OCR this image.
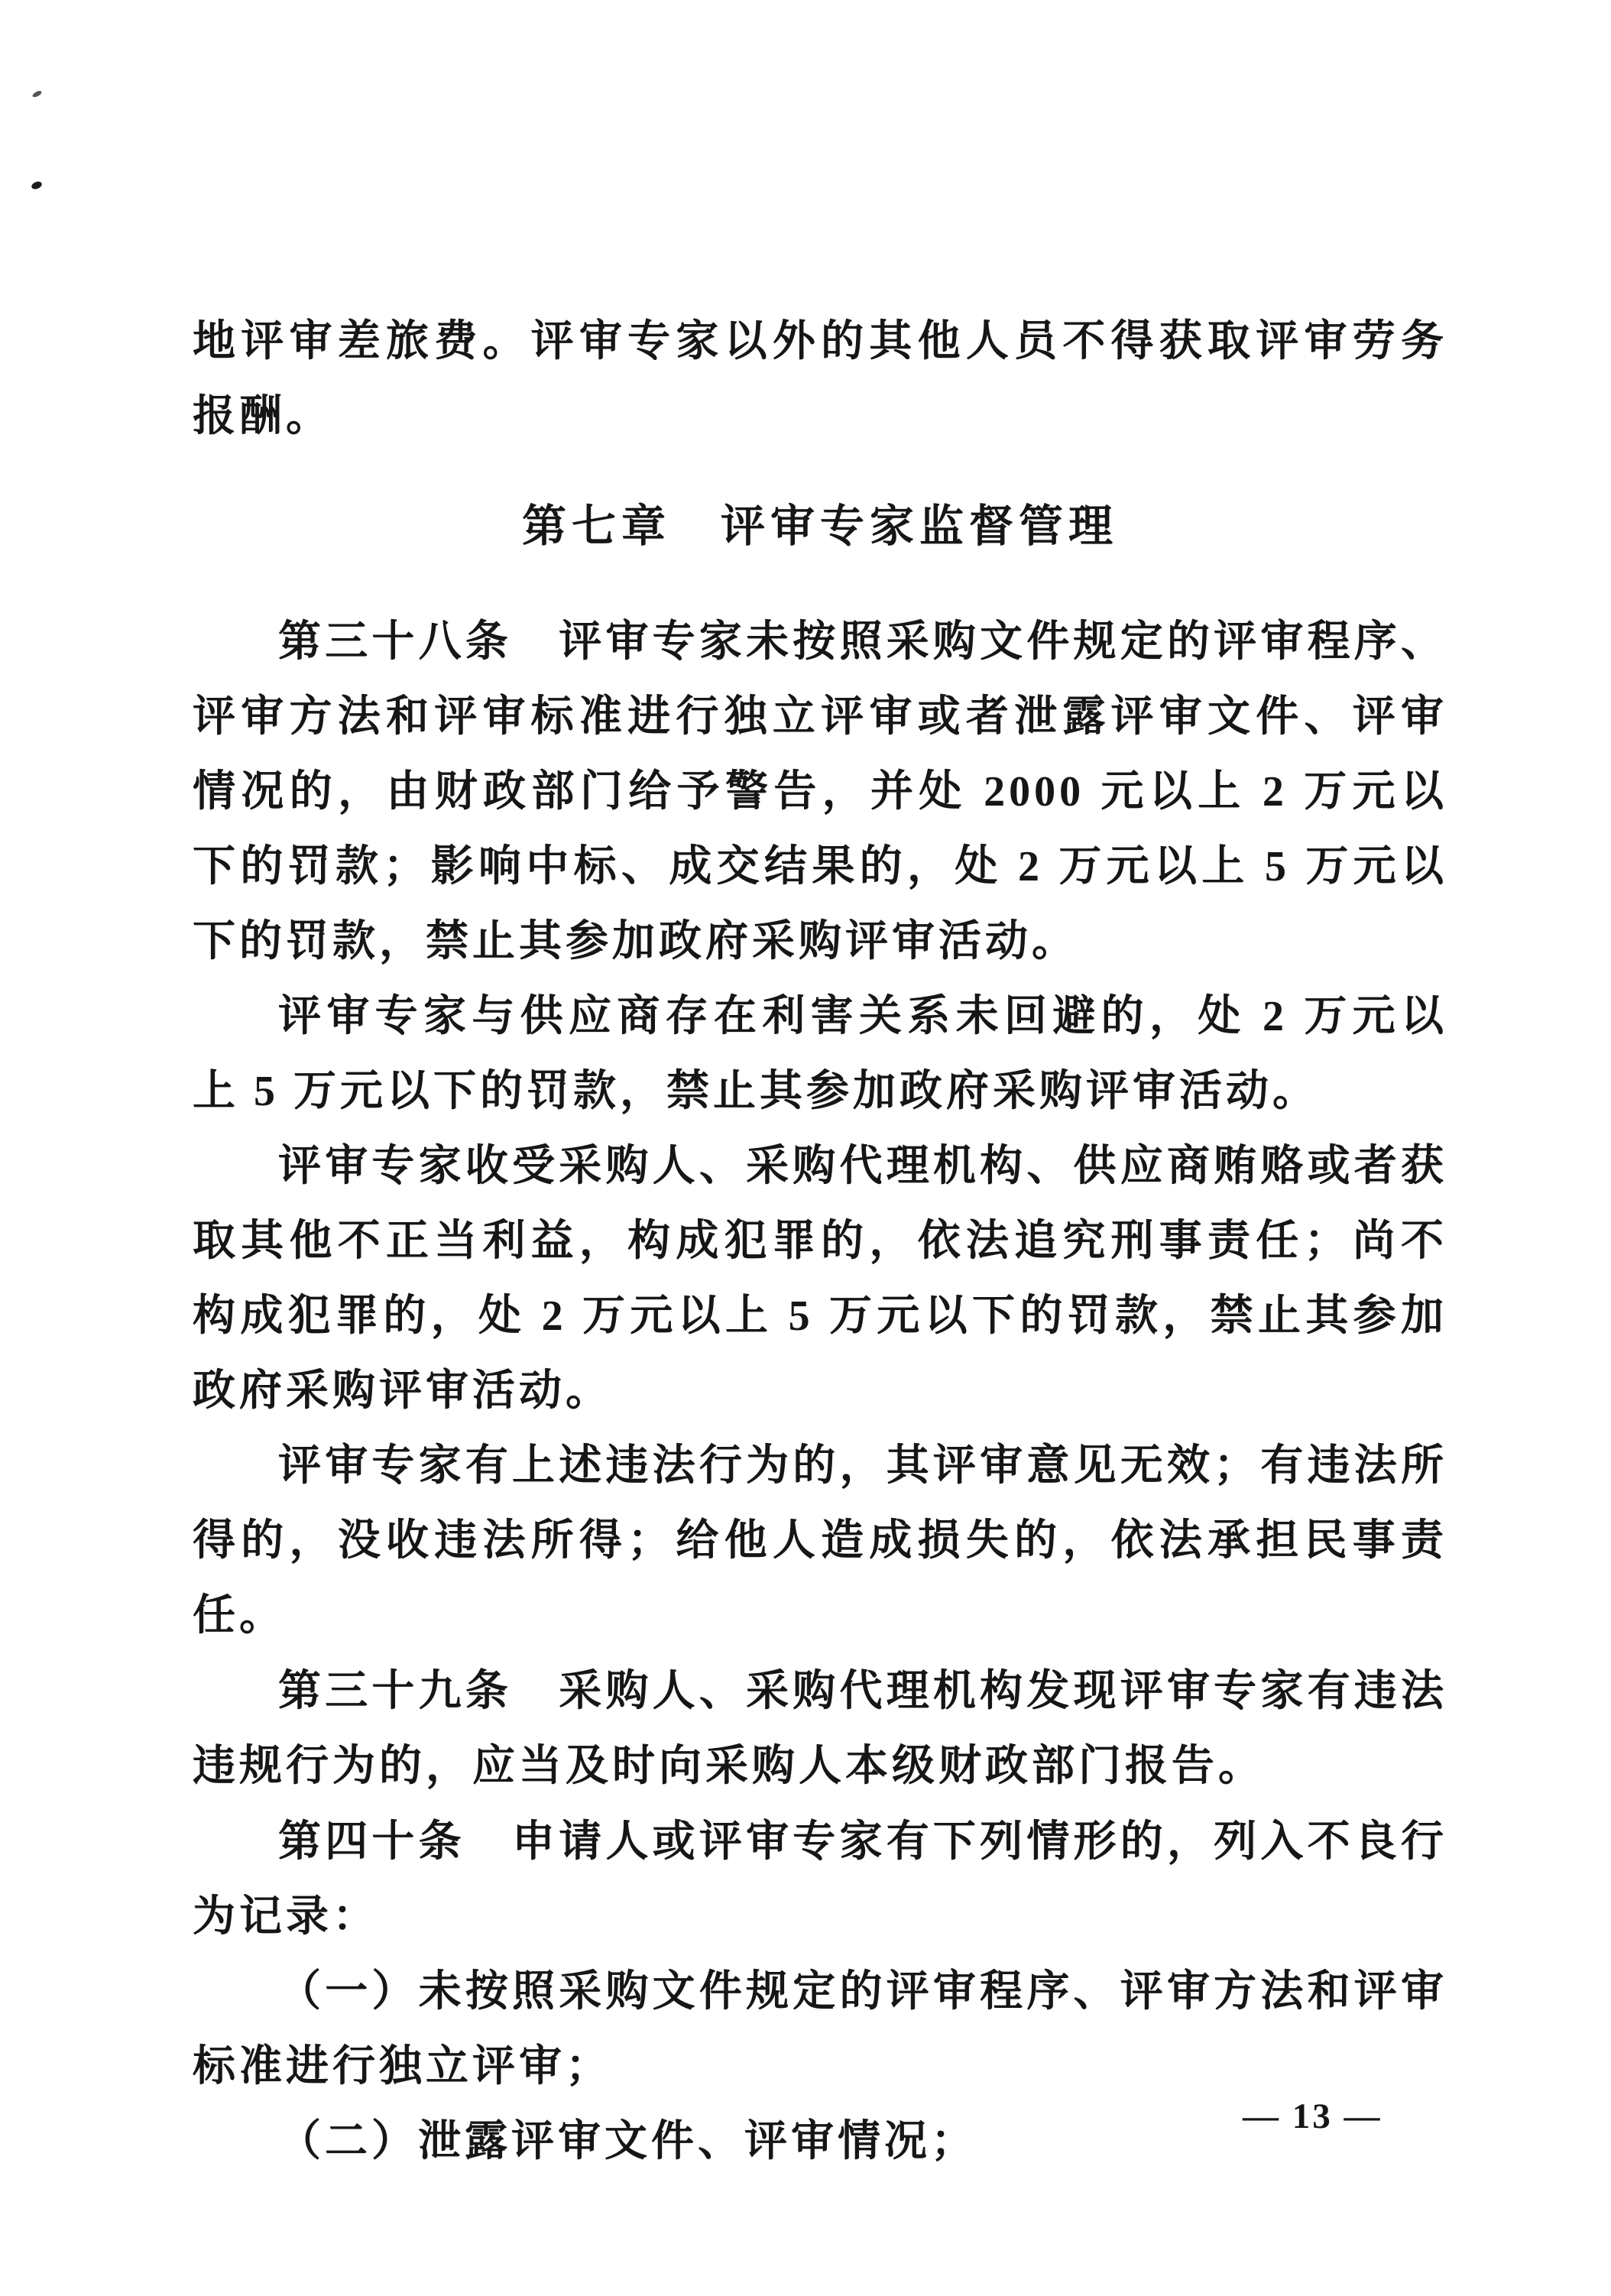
地评审差旅费。评审专家以外的其他人员不得获取评审劳务报酬。

第七章　评审专家监督管理

第三十八条　评审专家未按照采购文件规定的评审程序、评审方法和评审标准进行独立评审或者泄露评审文件、评审情况的，由财政部门给予警告，并处 2000 元以上 2 万元以下的罚款；影响中标、成交结果的，处 2 万元以上 5 万元以下的罚款，禁止其参加政府采购评审活动。

评审专家与供应商存在利害关系未回避的，处 2 万元以上 5 万元以下的罚款，禁止其参加政府采购评审活动。

评审专家收受采购人、采购代理机构、供应商贿赂或者获取其他不正当利益，构成犯罪的，依法追究刑事责任；尚不构成犯罪的，处 2 万元以上 5 万元以下的罚款，禁止其参加政府采购评审活动。

评审专家有上述违法行为的，其评审意见无效；有违法所得的，没收违法所得；给他人造成损失的，依法承担民事责任。

第三十九条　采购人、采购代理机构发现评审专家有违法违规行为的，应当及时向采购人本级财政部门报告。

第四十条　申请人或评审专家有下列情形的，列入不良行为记录：

（一）未按照采购文件规定的评审程序、评审方法和评审标准进行独立评审；

（二）泄露评审文件、评审情况；

— 13 —
